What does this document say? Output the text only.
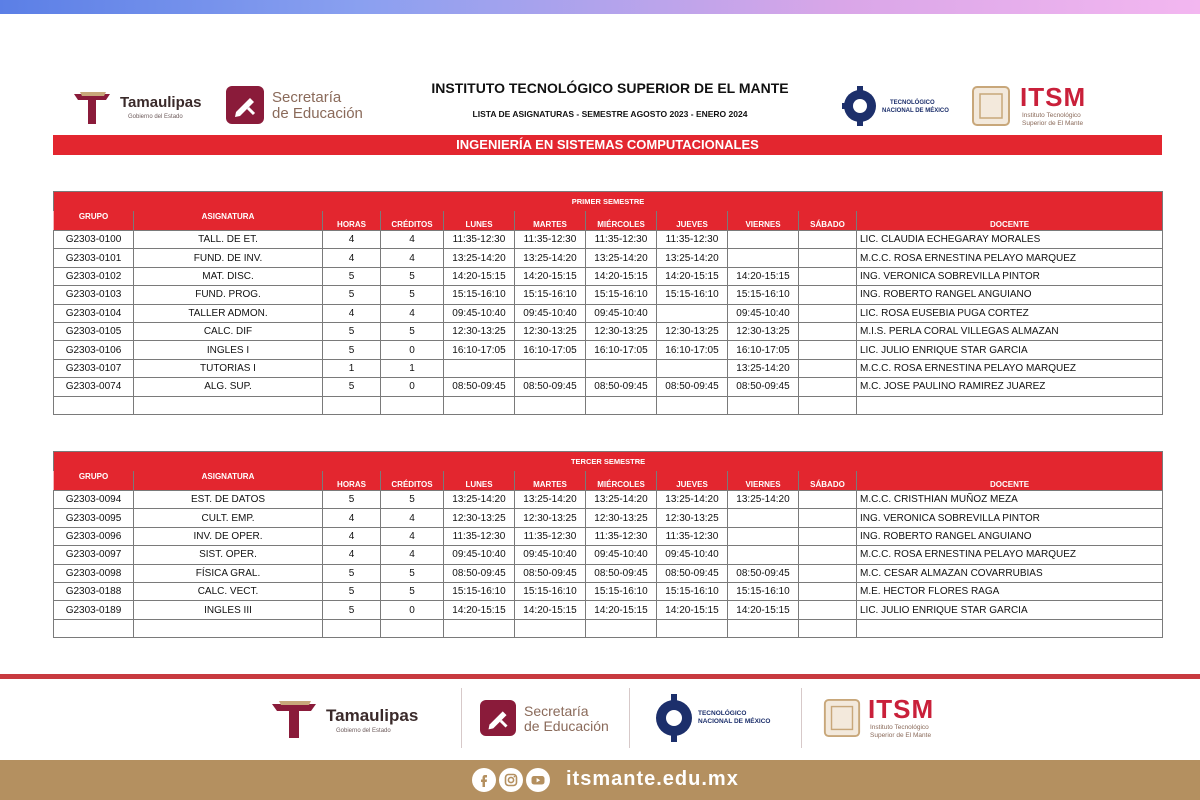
Tamaulipas
Gobierno del Estado
Secretaría
de Educación
INSTITUTO TECNOLÓGICO SUPERIOR DE EL MANTE
LISTA DE ASIGNATURAS - SEMESTRE AGOSTO 2023 - ENERO 2024
TECNOLÓGICO
NACIONAL DE MÉXICO	ITSM
Instituto Tecnológico
Superior de El Mante
INGENIERÍA EN SISTEMAS COMPUTACIONALES
PRIMER SEMESTRE										
GRUPO	ASIGNATURA	HORAS	CRÉDITOS	LUNES	MARTES	MIÉRCOLES	JUEVES	VIERNES	SÁBADO	DOCENTE
G2303-0100	TALL. DE ET.	4	4	11:35-12:30	11:35-12:30	11:35-12:30	11:35-12:30			LIC. CLAUDIA ECHEGARAY MORALES
G2303-0101	FUND. DE INV.	4	4	13:25-14:20	13:25-14:20	13:25-14:20	13:25-14:20			M.C.C. ROSA ERNESTINA PELAYO MARQUEZ
G2303-0102	MAT. DISC.	5	5	14:20-15:15	14:20-15:15	14:20-15:15	14:20-15:15	14:20-15:15		ING. VERONICA SOBREVILLA PINTOR
G2303-0103	FUND. PROG.	5	5	15:15-16:10	15:15-16:10	15:15-16:10	15:15-16:10	15:15-16:10		ING. ROBERTO RANGEL ANGUIANO
G2303-0104	TALLER ADMON.	4	4	09:45-10:40	09:45-10:40	09:45-10:40		09:45-10:40		LIC. ROSA EUSEBIA PUGA CORTEZ
G2303-0105	CALC. DIF	5	5	12:30-13:25	12:30-13:25	12:30-13:25	12:30-13:25	12:30-13:25		M.I.S. PERLA CORAL VILLEGAS ALMAZAN
G2303-0106	INGLES I	5	0	16:10-17:05	16:10-17:05	16:10-17:05	16:10-17:05	16:10-17:05		LIC. JULIO ENRIQUE STAR GARCIA
G2303-0107	TUTORIAS I	1	1					13:25-14:20		M.C.C. ROSA ERNESTINA PELAYO MARQUEZ
G2303-0074	ALG. SUP.	5	0	08:50-09:45	08:50-09:45	08:50-09:45	08:50-09:45	08:50-09:45		M.C. JOSE PAULINO RAMIREZ JUAREZ

TERCER SEMESTRE										
GRUPO	ASIGNATURA	HORAS	CRÉDITOS	LUNES	MARTES	MIÉRCOLES	JUEVES	VIERNES	SÁBADO	DOCENTE
G2303-0094	EST. DE DATOS	5	5	13:25-14:20	13:25-14:20	13:25-14:20	13:25-14:20	13:25-14:20		M.C.C. CRISTHIAN MUÑOZ MEZA
G2303-0095	CULT. EMP.	4	4	12:30-13:25	12:30-13:25	12:30-13:25	12:30-13:25			ING. VERONICA SOBREVILLA PINTOR
G2303-0096	INV. DE OPER.	4	4	11:35-12:30	11:35-12:30	11:35-12:30	11:35-12:30			ING. ROBERTO RANGEL ANGUIANO
G2303-0097	SIST. OPER.	4	4	09:45-10:40	09:45-10:40	09:45-10:40	09:45-10:40			M.C.C. ROSA ERNESTINA PELAYO MARQUEZ
G2303-0098	FÍSICA GRAL.	5	5	08:50-09:45	08:50-09:45	08:50-09:45	08:50-09:45	08:50-09:45		M.C. CESAR ALMAZAN COVARRUBIAS
G2303-0188	CALC. VECT.	5	5	15:15-16:10	15:15-16:10	15:15-16:10	15:15-16:10	15:15-16:10		M.E. HECTOR FLORES RAGA
G2303-0189	INGLES III	5	0	14:20-15:15	14:20-15:15	14:20-15:15	14:20-15:15	14:20-15:15		LIC. JULIO ENRIQUE STAR GARCIA

Tamaulipas
Gobierno del Estado
Secretaría
de Educación
TECNOLÓGICO
NACIONAL DE MÉXICO	ITSM
Instituto Tecnológico
Superior de El Mante
itsmante.edu.mx
